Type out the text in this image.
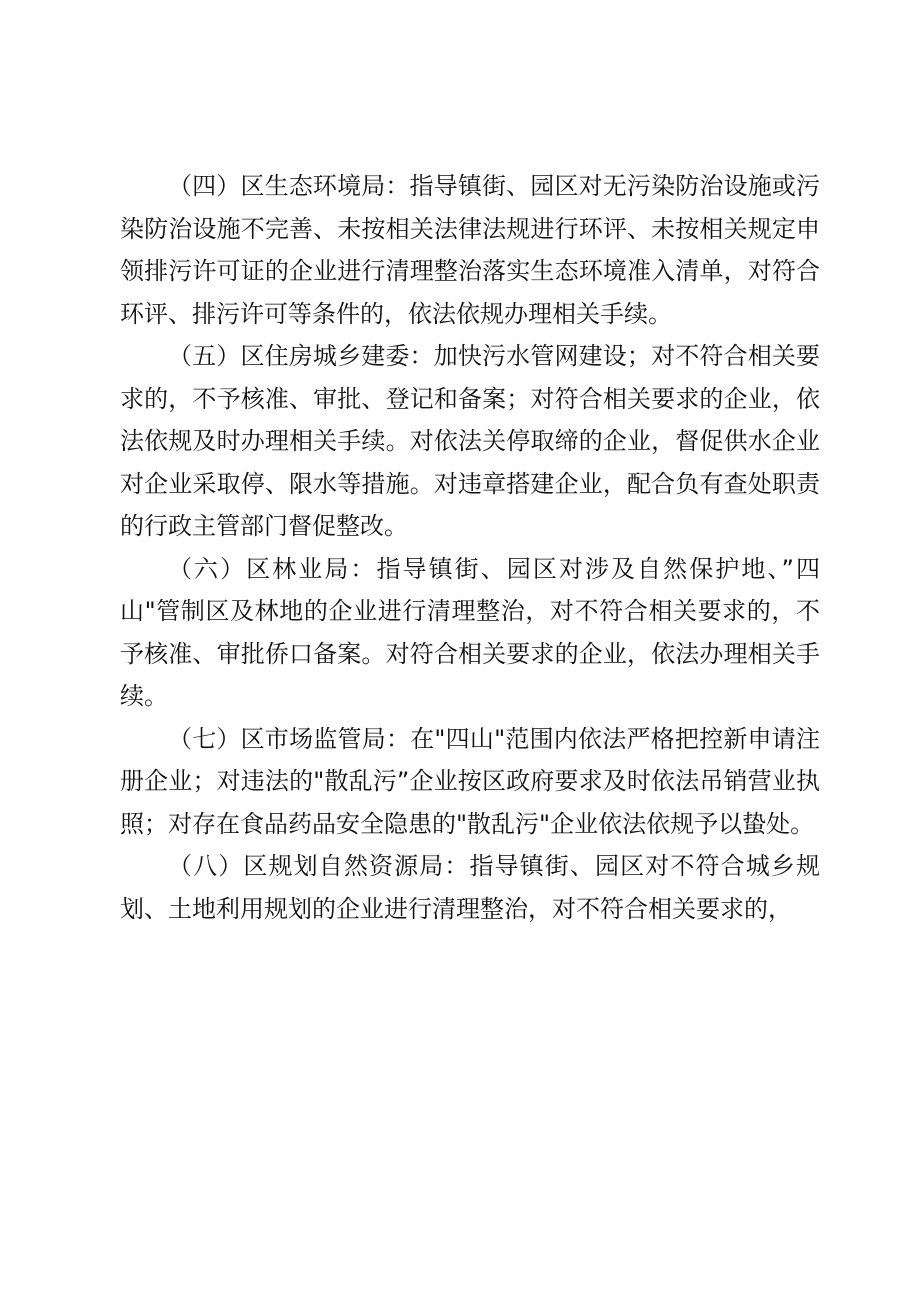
（四）区生态环境局：指导镇街、园区对无污染防治设施或污染防治设施不完善、未按相关法律法规进行环评、未按相关规定申领排污许可证的企业进行清理整治落实生态环境准入清单，对符合环评、排污许可等条件的，依法依规办理相关手续。

（五）区住房城乡建委：加快污水管网建设；对不符合相关要求的，不予核准、审批、登记和备案；对符合相关要求的企业，依法依规及时办理相关手续。对依法关停取缔的企业，督促供水企业对企业采取停、限水等措施。对违章搭建企业，配合负有查处职责的行政主管部门督促整改。

（六）区林业局：指导镇街、园区对涉及自然保护地、”四山"管制区及林地的企业进行清理整治，对不符合相关要求的，不予核准、审批侨口备案。对符合相关要求的企业，依法办理相关手续。

（七）区市场监管局：在"四山"范围内依法严格把控新申请注册企业；对违法的"散乱污”企业按区政府要求及时依法吊销营业执照；对存在食品药品安全隐患的"散乱污"企业依法依规予以蛰处。

（八）区规划自然资源局：指导镇街、园区对不符合城乡规划、土地利用规划的企业进行清理整治，对不符合相关要求的，
